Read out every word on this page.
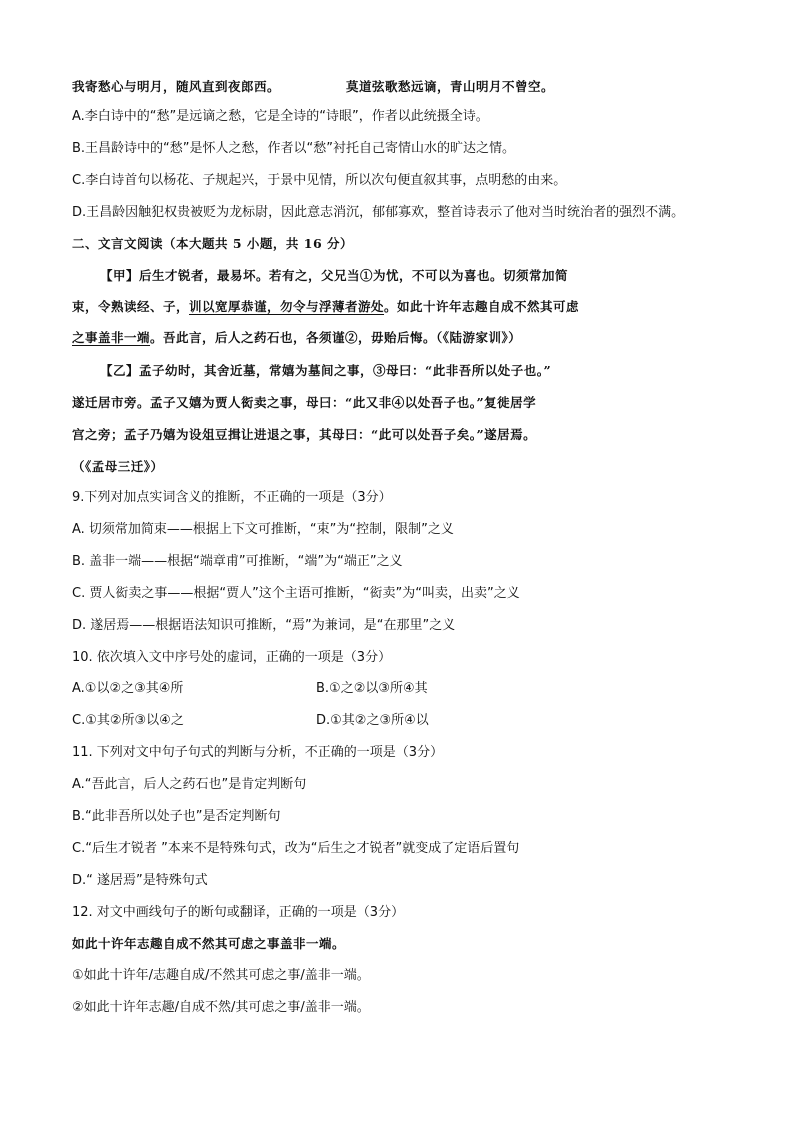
我寄愁心与明月，随风直到夜郎西。	莫道弦歌愁远谪，青山明月不曾空。
A.李白诗中的“愁”是远谪之愁，它是全诗的“诗眼”，作者以此统摄全诗。
B.王昌龄诗中的“愁”是怀人之愁，作者以“愁”衬托自己寄情山水的旷达之情。
C.李白诗首句以杨花、子规起兴，于景中见情，所以次句便直叙其事，点明愁的由来。
D.王昌龄因触犯权贵被贬为龙标尉，因此意志消沉，郁郁寡欢，整首诗表示了他对当时统治者的强烈不满。
二、文言文阅读（本大题共 5 小题，共 16 分）
【甲】后生才锐者，最易坏。若有之，父兄当①为忧，不可以为喜也。切须常加简
束，令熟读经、子，训以宽厚恭谨，勿令与浮薄者游处。如此十许年志趣自成不然其可虑
之事盖非一端。吾此言，后人之药石也，各须谨②，毋贻后悔。（《陆游家训》）
【乙】孟子幼时，其舍近墓，常嬉为墓间之事，③母曰：“此非吾所以处子也。”
遂迁居市旁。孟子又嬉为贾人衒卖之事，母曰：“此又非④以处吾子也。”复徙居学
宫之旁；孟子乃嬉为设俎豆揖让进退之事，其母曰：“此可以处吾子矣。”遂居焉。
（《孟母三迁》）
9.下列对加点实词含义的推断，不正确的一项是（3分）
A. 切须常加简束——根据上下文可推断，“束”为“控制，限制”之义
B. 盖非一端——根据“端章甫”可推断，“端”为“端正”之义
C. 贾人衒卖之事——根据“贾人”这个主语可推断，“衒卖”为“叫卖，出卖”之义
D. 遂居焉——根据语法知识可推断，“焉”为兼词，是“在那里”之义
10. 依次填入文中序号处的虚词，正确的一项是（3分）
A.①以②之③其④所	B.①之②以③所④其
C.①其②所③以④之	D.①其②之③所④以
11. 下列对文中句子句式的判断与分析，不正确的一项是（3分）
A.“吾此言，后人之药石也”是肯定判断句
B.“此非吾所以处子也”是否定判断句
C.“后生才锐者 ”本来不是特殊句式，改为“后生之才锐者”就变成了定语后置句
D.“ 遂居焉”是特殊句式
12. 对文中画线句子的断句或翻译，正确的一项是（3分）
如此十许年志趣自成不然其可虑之事盖非一端。
①如此十许年/志趣自成/不然其可虑之事/盖非一端。
②如此十许年志趣/自成不然/其可虑之事/盖非一端。
